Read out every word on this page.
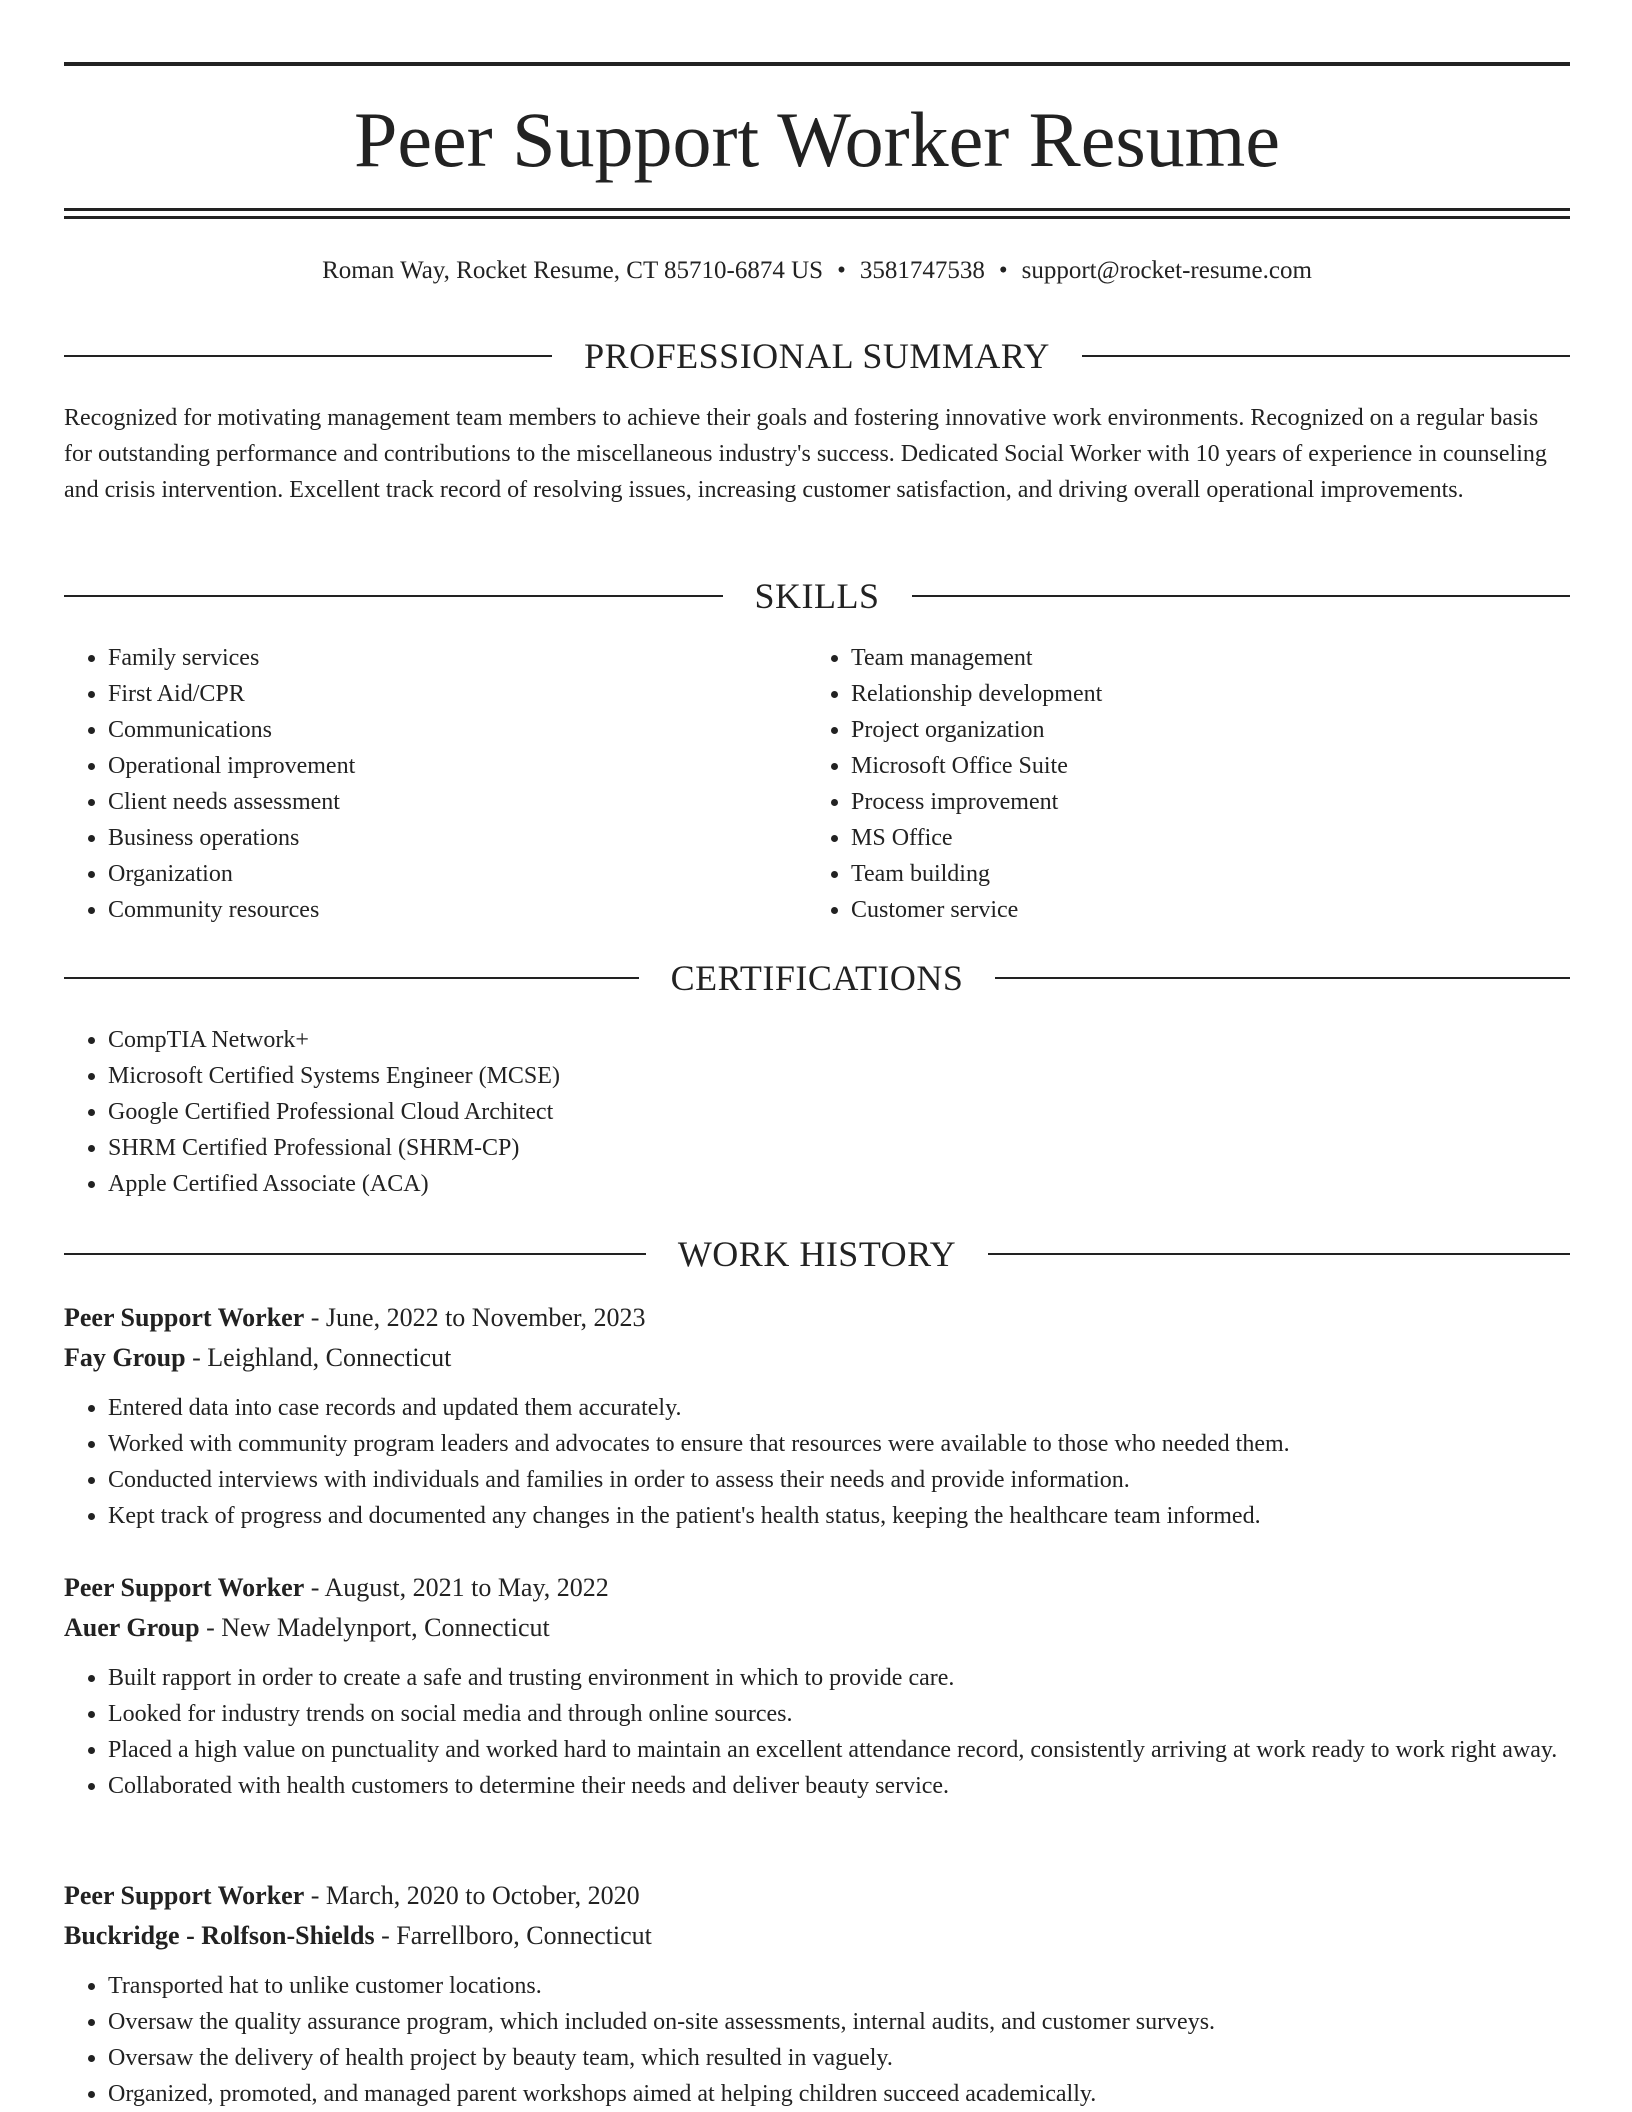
Peer Support Worker Resume
Roman Way, Rocket Resume, CT 85710-6874 US • 3581747538 • support@rocket-resume.com
PROFESSIONAL SUMMARY

Recognized for motivating management team members to achieve their goals and fostering innovative work environments. Recognized on a regular basis for outstanding performance and contributions to the miscellaneous industry's success. Dedicated Social Worker with 10 years of experience in counseling and crisis intervention. Excellent track record of resolving issues, increasing customer satisfaction, and driving overall operational improvements.

SKILLS
• Family services
• First Aid/CPR
• Communications
• Operational improvement
• Client needs assessment
• Business operations
• Organization
• Community resources
• Team management
• Relationship development
• Project organization
• Microsoft Office Suite
• Process improvement
• MS Office
• Team building
• Customer service
CERTIFICATIONS
• CompTIA Network+
• Microsoft Certified Systems Engineer (MCSE)
• Google Certified Professional Cloud Architect
• SHRM Certified Professional (SHRM-CP)
• Apple Certified Associate (ACA)
WORK HISTORY

Peer Support Worker - June, 2022 to November, 2023

Fay Group - Leighland, Connecticut

• Entered data into case records and updated them accurately.
• Worked with community program leaders and advocates to ensure that resources were available to those who needed them.
• Conducted interviews with individuals and families in order to assess their needs and provide information.
• Kept track of progress and documented any changes in the patient's health status, keeping the healthcare team informed.

Peer Support Worker - August, 2021 to May, 2022

Auer Group - New Madelynport, Connecticut

• Built rapport in order to create a safe and trusting environment in which to provide care.
• Looked for industry trends on social media and through online sources.
• Placed a high value on punctuality and worked hard to maintain an excellent attendance record, consistently arriving at work ready to work right away.
• Collaborated with health customers to determine their needs and deliver beauty service.

Peer Support Worker - March, 2020 to October, 2020

Buckridge - Rolfson-Shields - Farrellboro, Connecticut

• Transported hat to unlike customer locations.
• Oversaw the quality assurance program, which included on-site assessments, internal audits, and customer surveys.
• Oversaw the delivery of health project by beauty team, which resulted in vaguely.
• Organized, promoted, and managed parent workshops aimed at helping children succeed academically.
